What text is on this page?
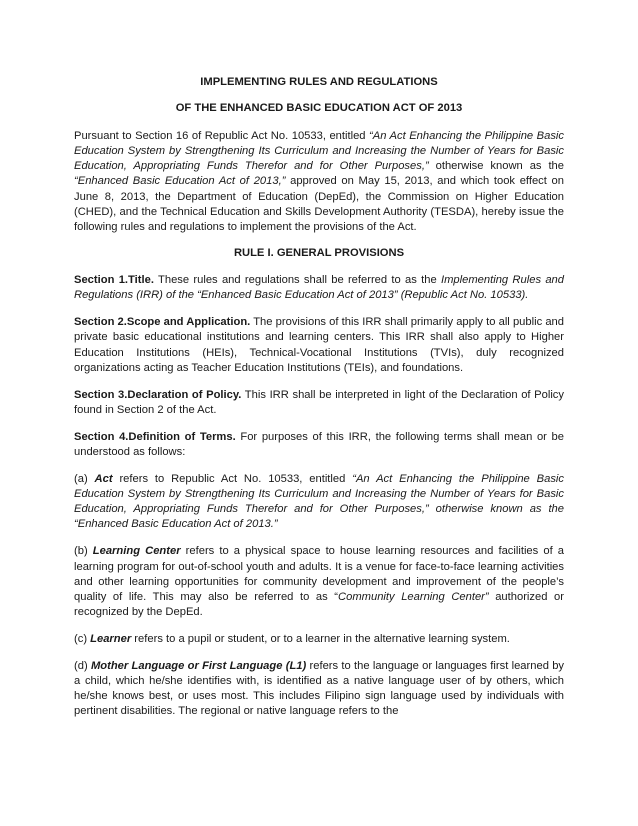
IMPLEMENTING RULES AND REGULATIONS
OF THE ENHANCED BASIC EDUCATION ACT OF 2013

Pursuant to Section 16 of Republic Act No. 10533, entitled “An Act Enhancing the Philippine Basic Education System by Strengthening Its Curriculum and Increasing the Number of Years for Basic Education, Appropriating Funds Therefor and for Other Purposes,” otherwise known as the “Enhanced Basic Education Act of 2013,” approved on May 15, 2013, and which took effect on June 8, 2013, the Department of Education (DepEd), the Commission on Higher Education (CHED), and the Technical Education and Skills Development Authority (TESDA), hereby issue the following rules and regulations to implement the provisions of the Act.

RULE I. GENERAL PROVISIONS

Section 1.Title. These rules and regulations shall be referred to as the Implementing Rules and Regulations (IRR) of the “Enhanced Basic Education Act of 2013” (Republic Act No. 10533).

Section 2.Scope and Application. The provisions of this IRR shall primarily apply to all public and private basic educational institutions and learning centers. This IRR shall also apply to Higher Education Institutions (HEIs), Technical-Vocational Institutions (TVIs), duly recognized organizations acting as Teacher Education Institutions (TEIs), and foundations.

Section 3.Declaration of Policy. This IRR shall be interpreted in light of the Declaration of Policy found in Section 2 of the Act.

Section 4.Definition of Terms. For purposes of this IRR, the following terms shall mean or be understood as follows:

(a) Act refers to Republic Act No. 10533, entitled “An Act Enhancing the Philippine Basic Education System by Strengthening Its Curriculum and Increasing the Number of Years for Basic Education, Appropriating Funds Therefor and for Other Purposes,” otherwise known as the “Enhanced Basic Education Act of 2013.”

(b) Learning Center refers to a physical space to house learning resources and facilities of a learning program for out-of-school youth and adults. It is a venue for face-to-face learning activities and other learning opportunities for community development and improvement of the people’s quality of life. This may also be referred to as “Community Learning Center” authorized or recognized by the DepEd.

(c) Learner refers to a pupil or student, or to a learner in the alternative learning system.

(d) Mother Language or First Language (L1) refers to the language or languages first learned by a child, which he/she identifies with, is identified as a native language user of by others, which he/she knows best, or uses most. This includes Filipino sign language used by individuals with pertinent disabilities. The regional or native language refers to the
